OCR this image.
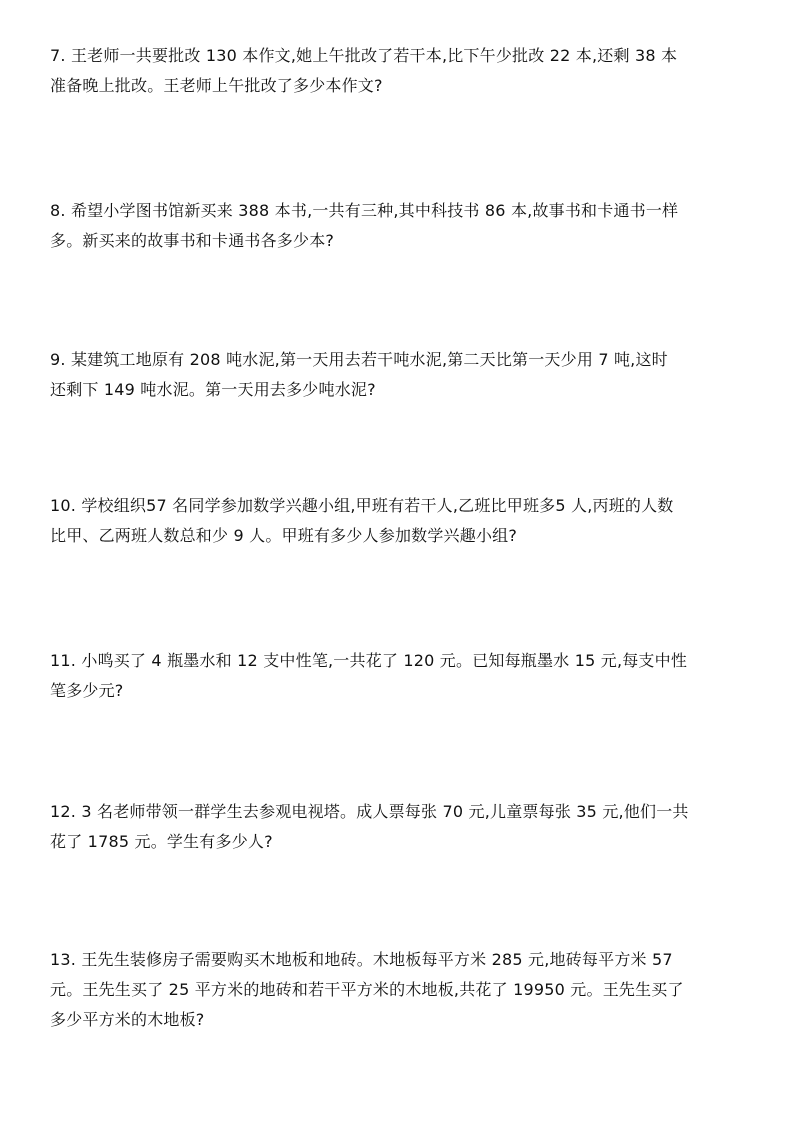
7. 王老师一共要批改 130 本作文,她上午批改了若干本,比下午少批改 22 本,还剩 38 本
准备晚上批改。王老师上午批改了多少本作文?
8. 希望小学图书馆新买来 388 本书,一共有三种,其中科技书 86 本,故事书和卡通书一样
多。新买来的故事书和卡通书各多少本?
9. 某建筑工地原有 208 吨水泥,第一天用去若干吨水泥,第二天比第一天少用 7 吨,这时
还剩下 149 吨水泥。第一天用去多少吨水泥?
10. 学校组织57 名同学参加数学兴趣小组,甲班有若干人,乙班比甲班多5 人,丙班的人数
比甲、乙两班人数总和少 9 人。甲班有多少人参加数学兴趣小组?
11. 小鸣买了 4 瓶墨水和 12 支中性笔,一共花了 120 元。已知每瓶墨水 15 元,每支中性
笔多少元?
12. 3 名老师带领一群学生去参观电视塔。成人票每张 70 元,儿童票每张 35 元,他们一共
花了 1785 元。学生有多少人?
13. 王先生装修房子需要购买木地板和地砖。木地板每平方米 285 元,地砖每平方米 57
元。王先生买了 25 平方米的地砖和若干平方米的木地板,共花了 19950 元。王先生买了
多少平方米的木地板?
